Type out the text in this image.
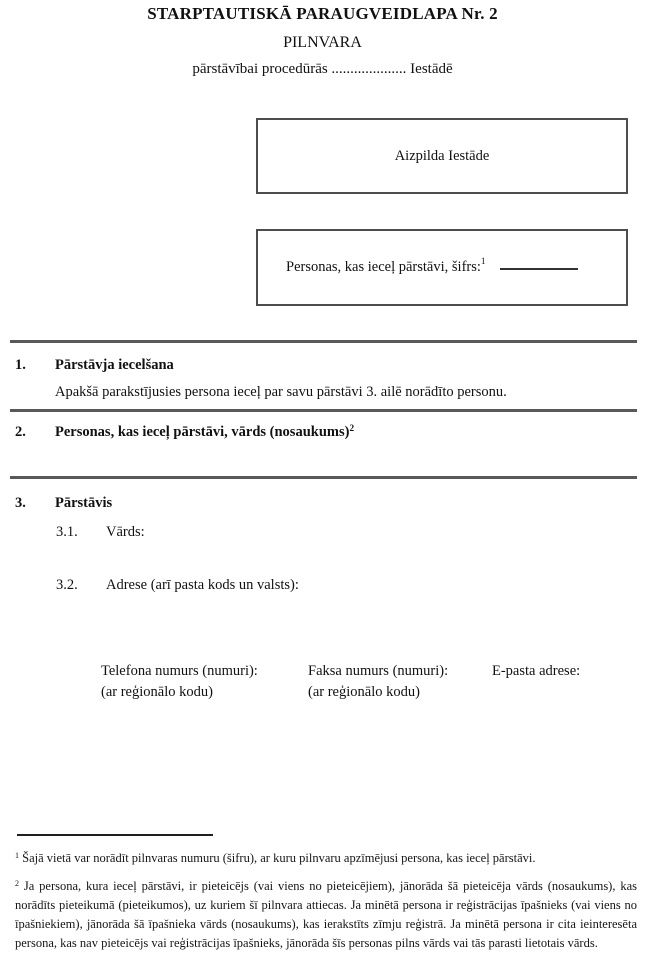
STARPTAUTISKĀ PARAUGVEIDLAPA Nr. 2
PILNVARA
pārstāvībai procedūrās .................... Iestādē
Aizpilda Iestāde
Personas, kas ieceļ pārstāvi, šifrs:$^1$
1. Pārstāvja iecelšana
Apakšā parakstījusies persona ieceļ par savu pārstāvi 3. ailē norādīto personu.
2. Personas, kas ieceļ pārstāvi, vārds (nosaukums)$^2$
3. Pārstāvis
3.1. Vārds:
3.2. Adrese (arī pasta kods un valsts):
Telefona numurs (numuri):
(ar reģionālo kodu)
Faksa numurs (numuri):
(ar reģionālo kodu)
E-pasta adrese:
$^1$ Šajā vietā var norādīt pilnvaras numuru (šifru), ar kuru pilnvaru apzīmējusi persona, kas ieceļ pārstāvi.
$^2$ Ja persona, kura ieceļ pārstāvi, ir pieteicējs (vai viens no pieteicējiem), jānorāda šā pieteicēja vārds (nosaukums), kas norādīts pieteikumā (pieteikumos), uz kuriem šī pilnvara attiecas. Ja minētā persona ir reģistrācijas īpašnieks (vai viens no īpašniekiem), jānorāda šā īpašnieka vārds (nosaukums), kas ierakstīts zīmju reģistrā. Ja minētā persona ir cita ieinteresēta persona, kas nav pieteicējs vai reģistrācijas īpašnieks, jānorāda šīs personas pilns vārds vai tās parasti lietotais vārds.
